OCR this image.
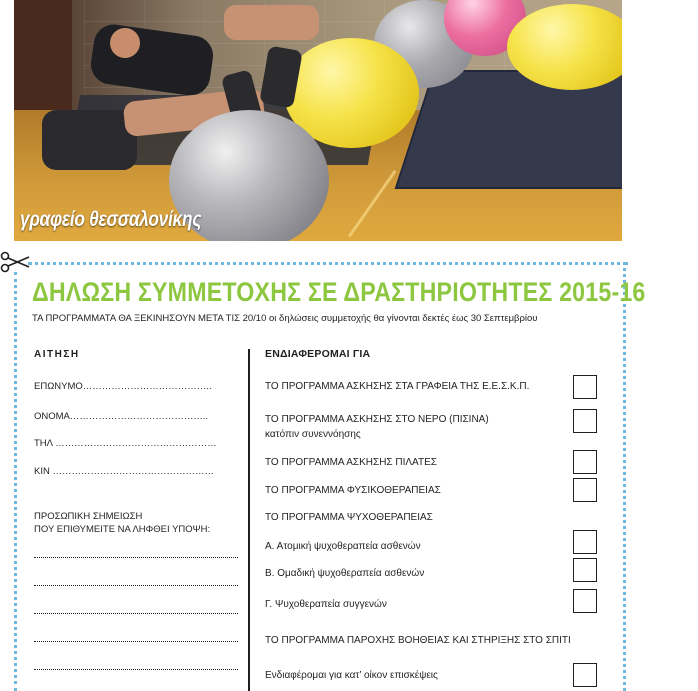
γραφείο θεσσαλονίκης
ΔΗΛΩΣΗ ΣΥΜΜΕΤΟΧΗΣ ΣΕ ΔΡΑΣΤΗΡΙΟΤΗΤΕΣ 2015-16
ΤΑ ΠΡΟΓΡΑΜΜΑΤΑ ΘΑ ΞΕΚΙΝΗΣΟΥΝ ΜΕΤΑ ΤΙΣ 20/10 οι δηλώσεις συμμετοχής θα γίνονται δεκτές έως 30 Σεπτεμβρίου
ΑΙΤΗΣΗ	ΕΝΔΙΑΦΕΡΟΜΑΙ ΓΙΑ
ΕΠΩΝΥΜΟ…………………………………..
ΟΝΟΜΑ……………………………………..
ΤΗΛ ……………………………………………
ΚΙΝ ……………………………………………
ΠΡΟΣΩΠΙΚΗ ΣΗΜΕΙΩΣΗ
ΠΟΥ ΕΠΙΘΥΜΕΙΤΕ ΝΑ ΛΗΦΘΕΙ ΥΠΟΨΗ:
ΤΟ ΠΡΟΓΡΑΜΜΑ ΑΣΚΗΣΗΣ ΣΤΑ ΓΡΑΦΕΙΑ ΤΗΣ Ε.Ε.Σ.Κ.Π.
ΤΟ ΠΡΟΓΡΑΜΜΑ ΑΣΚΗΣΗΣ ΣΤΟ ΝΕΡΟ (ΠΙΣΙΝΑ)
κατόπιν συνεννόησης
ΤΟ ΠΡΟΓΡΑΜΜΑ ΑΣΚΗΣΗΣ ΠΙΛΑΤΕΣ
ΤΟ ΠΡΟΓΡΑΜΜΑ ΦΥΣΙΚΟΘΕΡΑΠΕΙΑΣ
ΤΟ ΠΡΟΓΡΑΜΜΑ ΨΥΧΟΘΕΡΑΠΕΙΑΣ
Α. Ατομική ψυχοθεραπεία ασθενών
Β. Ομαδική ψυχοθεραπεία ασθενών
Γ. Ψυχοθεραπεία συγγενών
ΤΟ ΠΡΟΓΡΑΜΜΑ ΠΑΡΟΧΗΣ ΒΟΗΘΕΙΑΣ ΚΑΙ ΣΤΗΡΙΞΗΣ ΣΤΟ ΣΠΙΤΙ
Ενδιαφέρομαι για κατ’ οίκον επισκέψεις
